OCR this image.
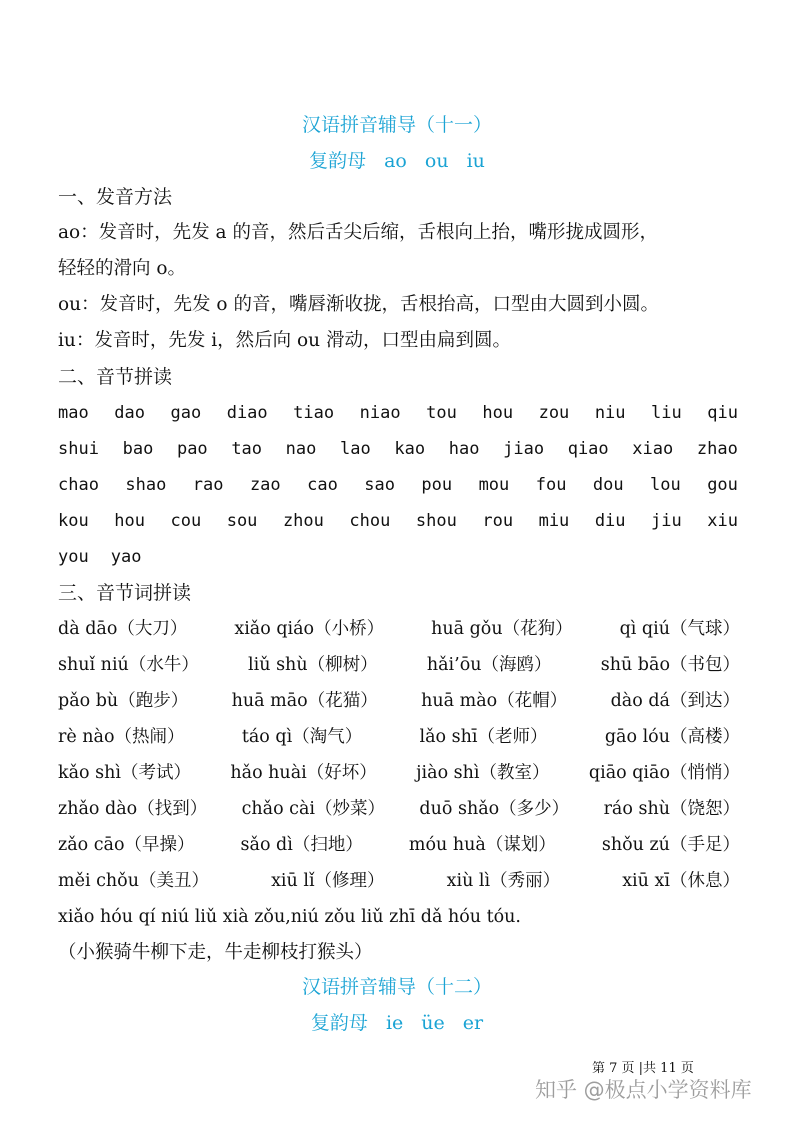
汉语拼音辅导（十一）
复韵母 ao ou iu
一、发音方法
ao：发音时，先发 a 的音，然后舌尖后缩，舌根向上抬，嘴形拢成圆形，
轻轻的滑向 o。
ou：发音时，先发 o 的音，嘴唇渐收拢，舌根抬高，口型由大圆到小圆。
iu：发音时，先发 i，然后向 ou 滑动，口型由扁到圆。
二、音节拼读
mao dao gao diao tiao niao tou hou zou niu liu qiu
shui bao pao tao nao lao kao hao jiao qiao xiao zhao
chao shao rao zao cao sao pou mou fou dou lou gou
kou hou cou sou zhou chou shou rou miu diu jiu xiu
you yao
三、音节词拼读
dà dāo（大刀）	xiǎo qiáo（小桥）	huā gǒu（花狗）	qì qiú（气球）
shuǐ niú（水牛）	liǔ shù（柳树）	hǎi’ōu（海鸥）	shū bāo（书包）
pǎo bù（跑步） huā māo（花猫） huā mào（花帽） dào dá（到达）
rè nào（热闹）	táo qì（淘气）	lǎo shī（老师）	gāo lóu（高楼）
kǎo shì（考试） hǎo huài（好坏） jiào shì（教室） qiāo qiāo（悄悄）
zhǎo dào（找到） chǎo cài（炒菜） duō shǎo（多少） ráo shù（饶恕）
zǎo cāo（早操）	sǎo dì（扫地）	móu huà（谋划）	shǒu zú（手足）
měi chǒu（美丑）	xiū lǐ（修理）	xiù lì（秀丽）	xiū xī（休息）
xiǎo hóu qí niú liǔ xià zǒu,niú zǒu liǔ zhī dǎ hóu tóu.
（小猴骑牛柳下走，牛走柳枝打猴头）
汉语拼音辅导（十二）
复韵母 ie üe er
第 7 页 |共 11 页
知乎 @极点小学资料库
